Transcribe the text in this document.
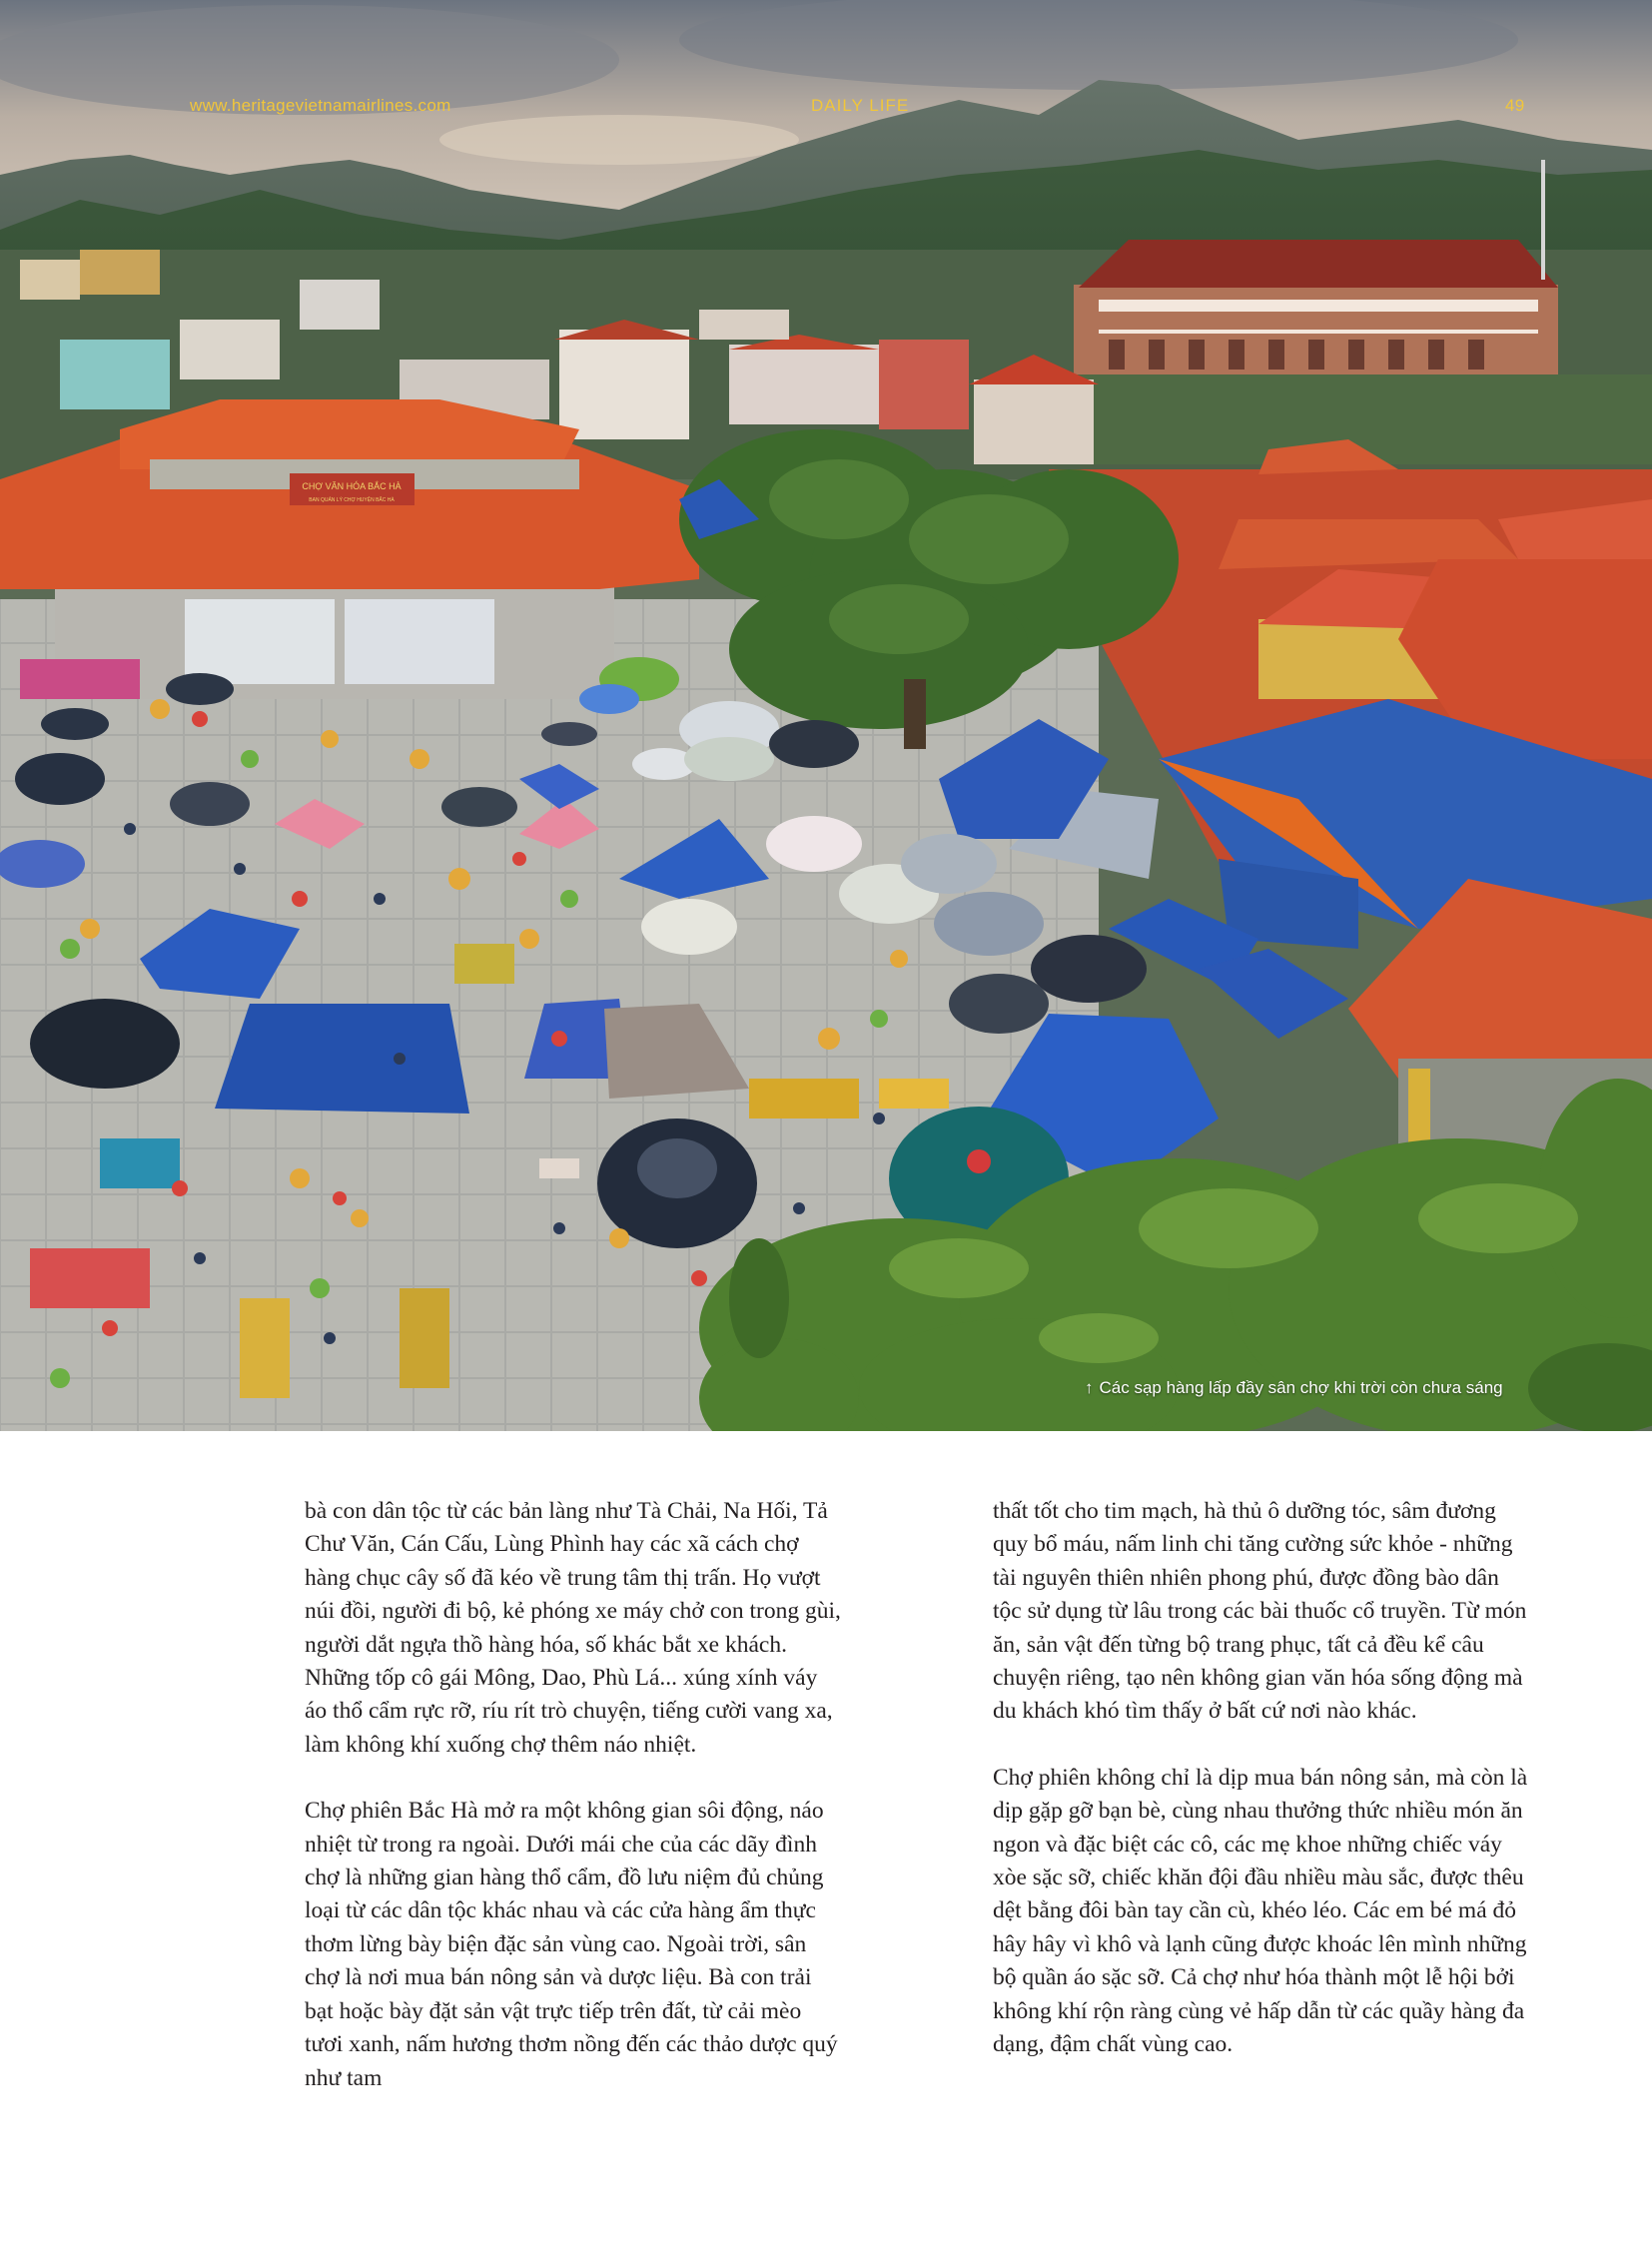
CHỢ VĂN HÓA BẮC HÀ
BAN QUẢN LÝ CHỢ HUYỆN BẮC HÀ
www.heritagevietnamairlines.com	DAILY LIFE	49
↑ Các sạp hàng lấp đầy sân chợ khi trời còn chưa sáng

bà con dân tộc từ các bản làng như Tà Chải, Na Hối, Tả Chư Văn, Cán Cấu, Lùng Phình hay các xã cách chợ hàng chục cây số đã kéo về trung tâm thị trấn. Họ vượt núi đồi, người đi bộ, kẻ phóng xe máy chở con trong gùi, người dắt ngựa thồ hàng hóa, số khác bắt xe khách. Những tốp cô gái Mông, Dao, Phù Lá... xúng xính váy áo thổ cẩm rực rỡ, ríu rít trò chuyện, tiếng cười vang xa, làm không khí xuống chợ thêm náo nhiệt.

Chợ phiên Bắc Hà mở ra một không gian sôi động, náo nhiệt từ trong ra ngoài. Dưới mái che của các dãy đình chợ là những gian hàng thổ cẩm, đồ lưu niệm đủ chủng loại từ các dân tộc khác nhau và các cửa hàng ẩm thực thơm lừng bày biện đặc sản vùng cao. Ngoài trời, sân chợ là nơi mua bán nông sản và dược liệu. Bà con trải bạt hoặc bày đặt sản vật trực tiếp trên đất, từ cải mèo tươi xanh, nấm hương thơm nồng đến các thảo dược quý như tam

thất tốt cho tim mạch, hà thủ ô dưỡng tóc, sâm đương quy bổ máu, nấm linh chi tăng cường sức khỏe - những tài nguyên thiên nhiên phong phú, được đồng bào dân tộc sử dụng từ lâu trong các bài thuốc cổ truyền. Từ món ăn, sản vật đến từng bộ trang phục, tất cả đều kể câu chuyện riêng, tạo nên không gian văn hóa sống động mà du khách khó tìm thấy ở bất cứ nơi nào khác.

Chợ phiên không chỉ là dịp mua bán nông sản, mà còn là dịp gặp gỡ bạn bè, cùng nhau thưởng thức nhiều món ăn ngon và đặc biệt các cô, các mẹ khoe những chiếc váy xòe sặc sỡ, chiếc khăn đội đầu nhiều màu sắc, được thêu dệt bằng đôi bàn tay cần cù, khéo léo. Các em bé má đỏ hây hây vì khô và lạnh cũng được khoác lên mình những bộ quần áo sặc sỡ. Cả chợ như hóa thành một lễ hội bởi không khí rộn ràng cùng vẻ hấp dẫn từ các quầy hàng đa dạng, đậm chất vùng cao.
